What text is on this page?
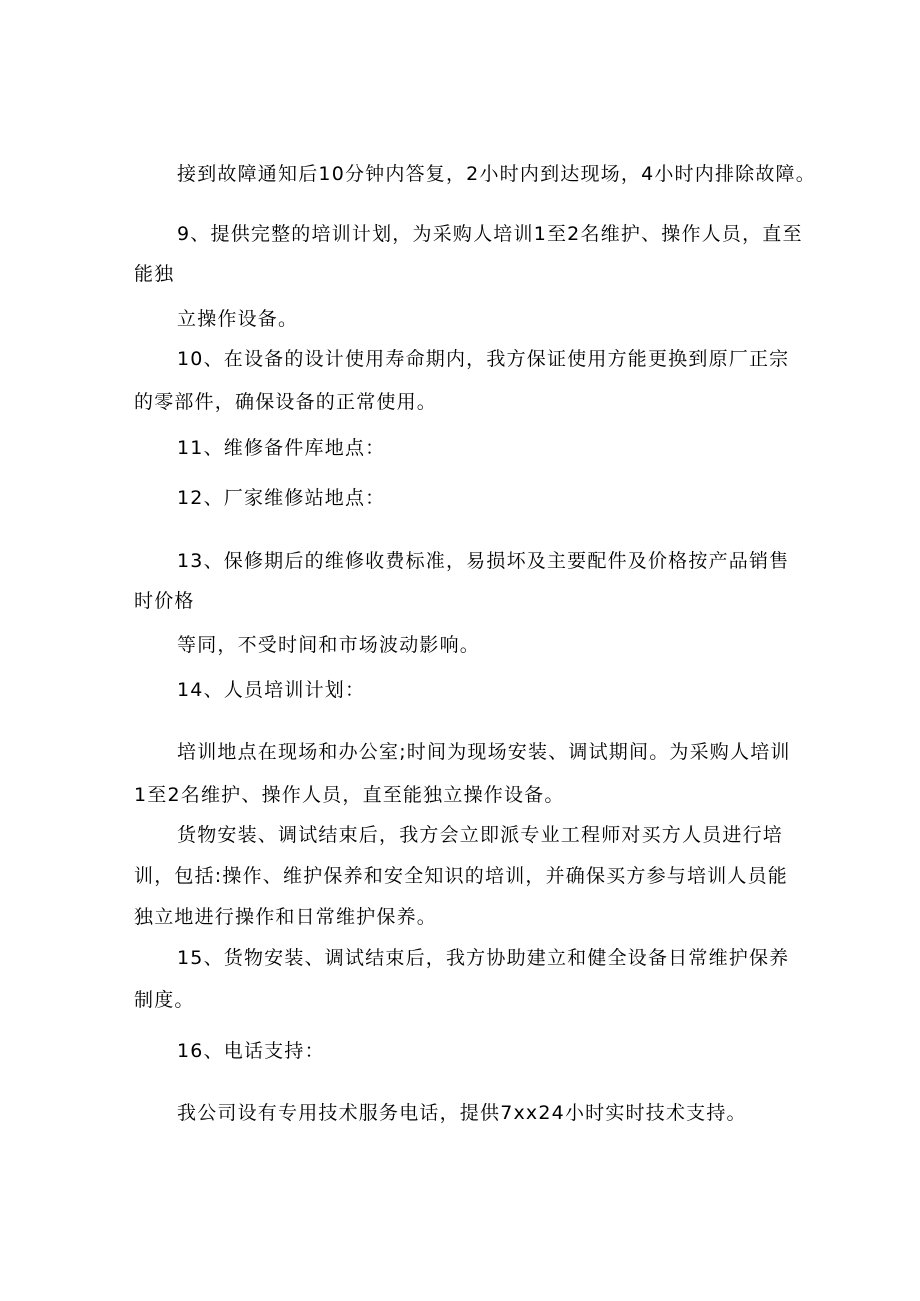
接到故障通知后10分钟内答复，2小时内到达现场，4小时内排除故障。
9、提供完整的培训计划，为采购人培训1至2名维护、操作人员，直至
能独
立操作设备。
10、在设备的设计使用寿命期内，我方保证使用方能更换到原厂正宗
的零部件，确保设备的正常使用。
11、维修备件库地点：
12、厂家维修站地点：
13、保修期后的维修收费标准，易损坏及主要配件及价格按产品销售
时价格
等同，不受时间和市场波动影响。
14、人员培训计划：
培训地点在现场和办公室;时间为现场安装、调试期间。为采购人培训
1至2名维护、操作人员，直至能独立操作设备。
货物安装、调试结束后，我方会立即派专业工程师对买方人员进行培
训，包括:操作、维护保养和安全知识的培训，并确保买方参与培训人员能
独立地进行操作和日常维护保养。
15、货物安装、调试结束后，我方协助建立和健全设备日常维护保养
制度。
16、电话支持：
我公司设有专用技术服务电话，提供7xx24小时实时技术支持。
